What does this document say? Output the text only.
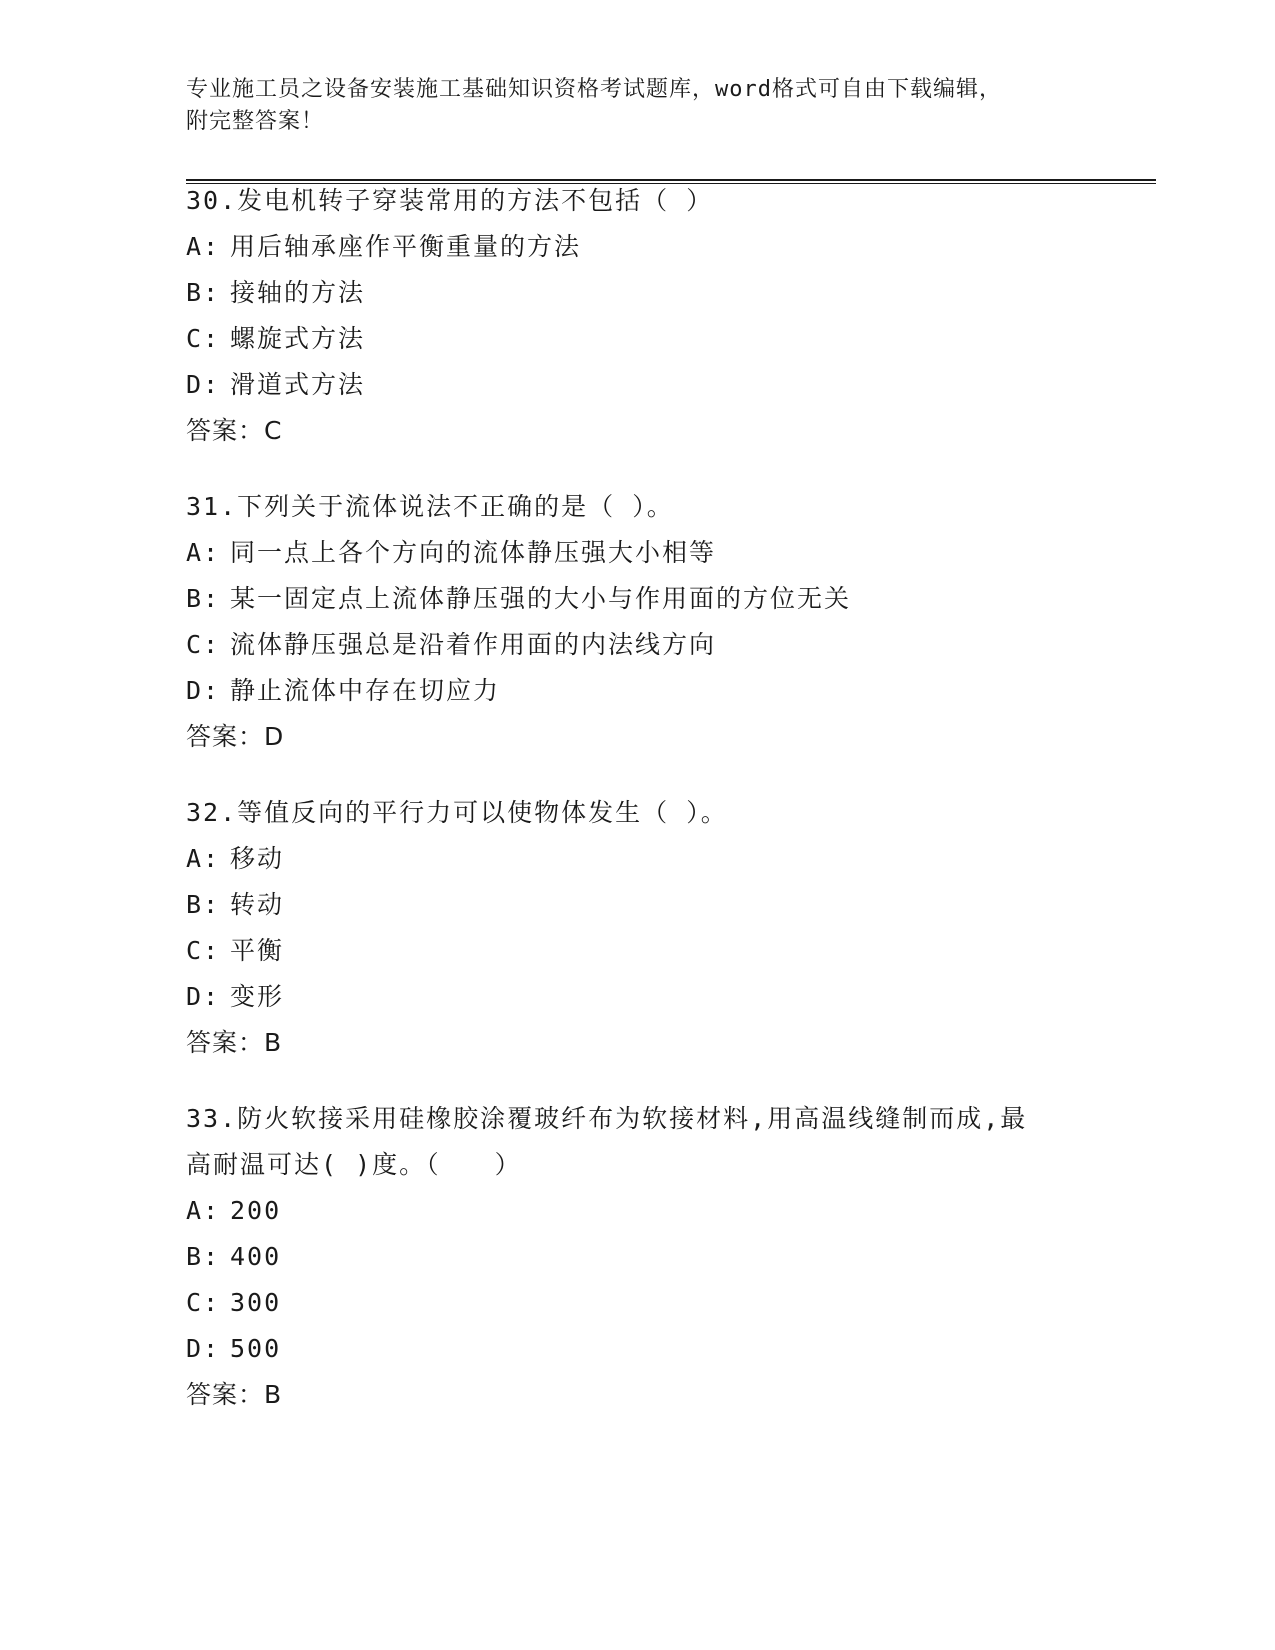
专业施工员之设备安装施工基础知识资格考试题库，word格式可自由下载编辑，
附完整答案！

30.发电机转子穿装常用的方法不包括（ ）

A: 用后轴承座作平衡重量的方法

B: 接轴的方法

C: 螺旋式方法

D: 滑道式方法

答案：C

31.下列关于流体说法不正确的是（ ）。

A: 同一点上各个方向的流体静压强大小相等

B: 某一固定点上流体静压强的大小与作用面的方位无关

C: 流体静压强总是沿着作用面的内法线方向

D: 静止流体中存在切应力

答案：D

32.等值反向的平行力可以使物体发生（ ）。

A: 移动

B: 转动

C: 平衡

D: 变形

答案：B

33.防火软接采用硅橡胶涂覆玻纤布为软接材料,用高温线缝制而成,最

高耐温可达( )度。（　　）

A: 200

B: 400

C: 300

D: 500

答案：B
